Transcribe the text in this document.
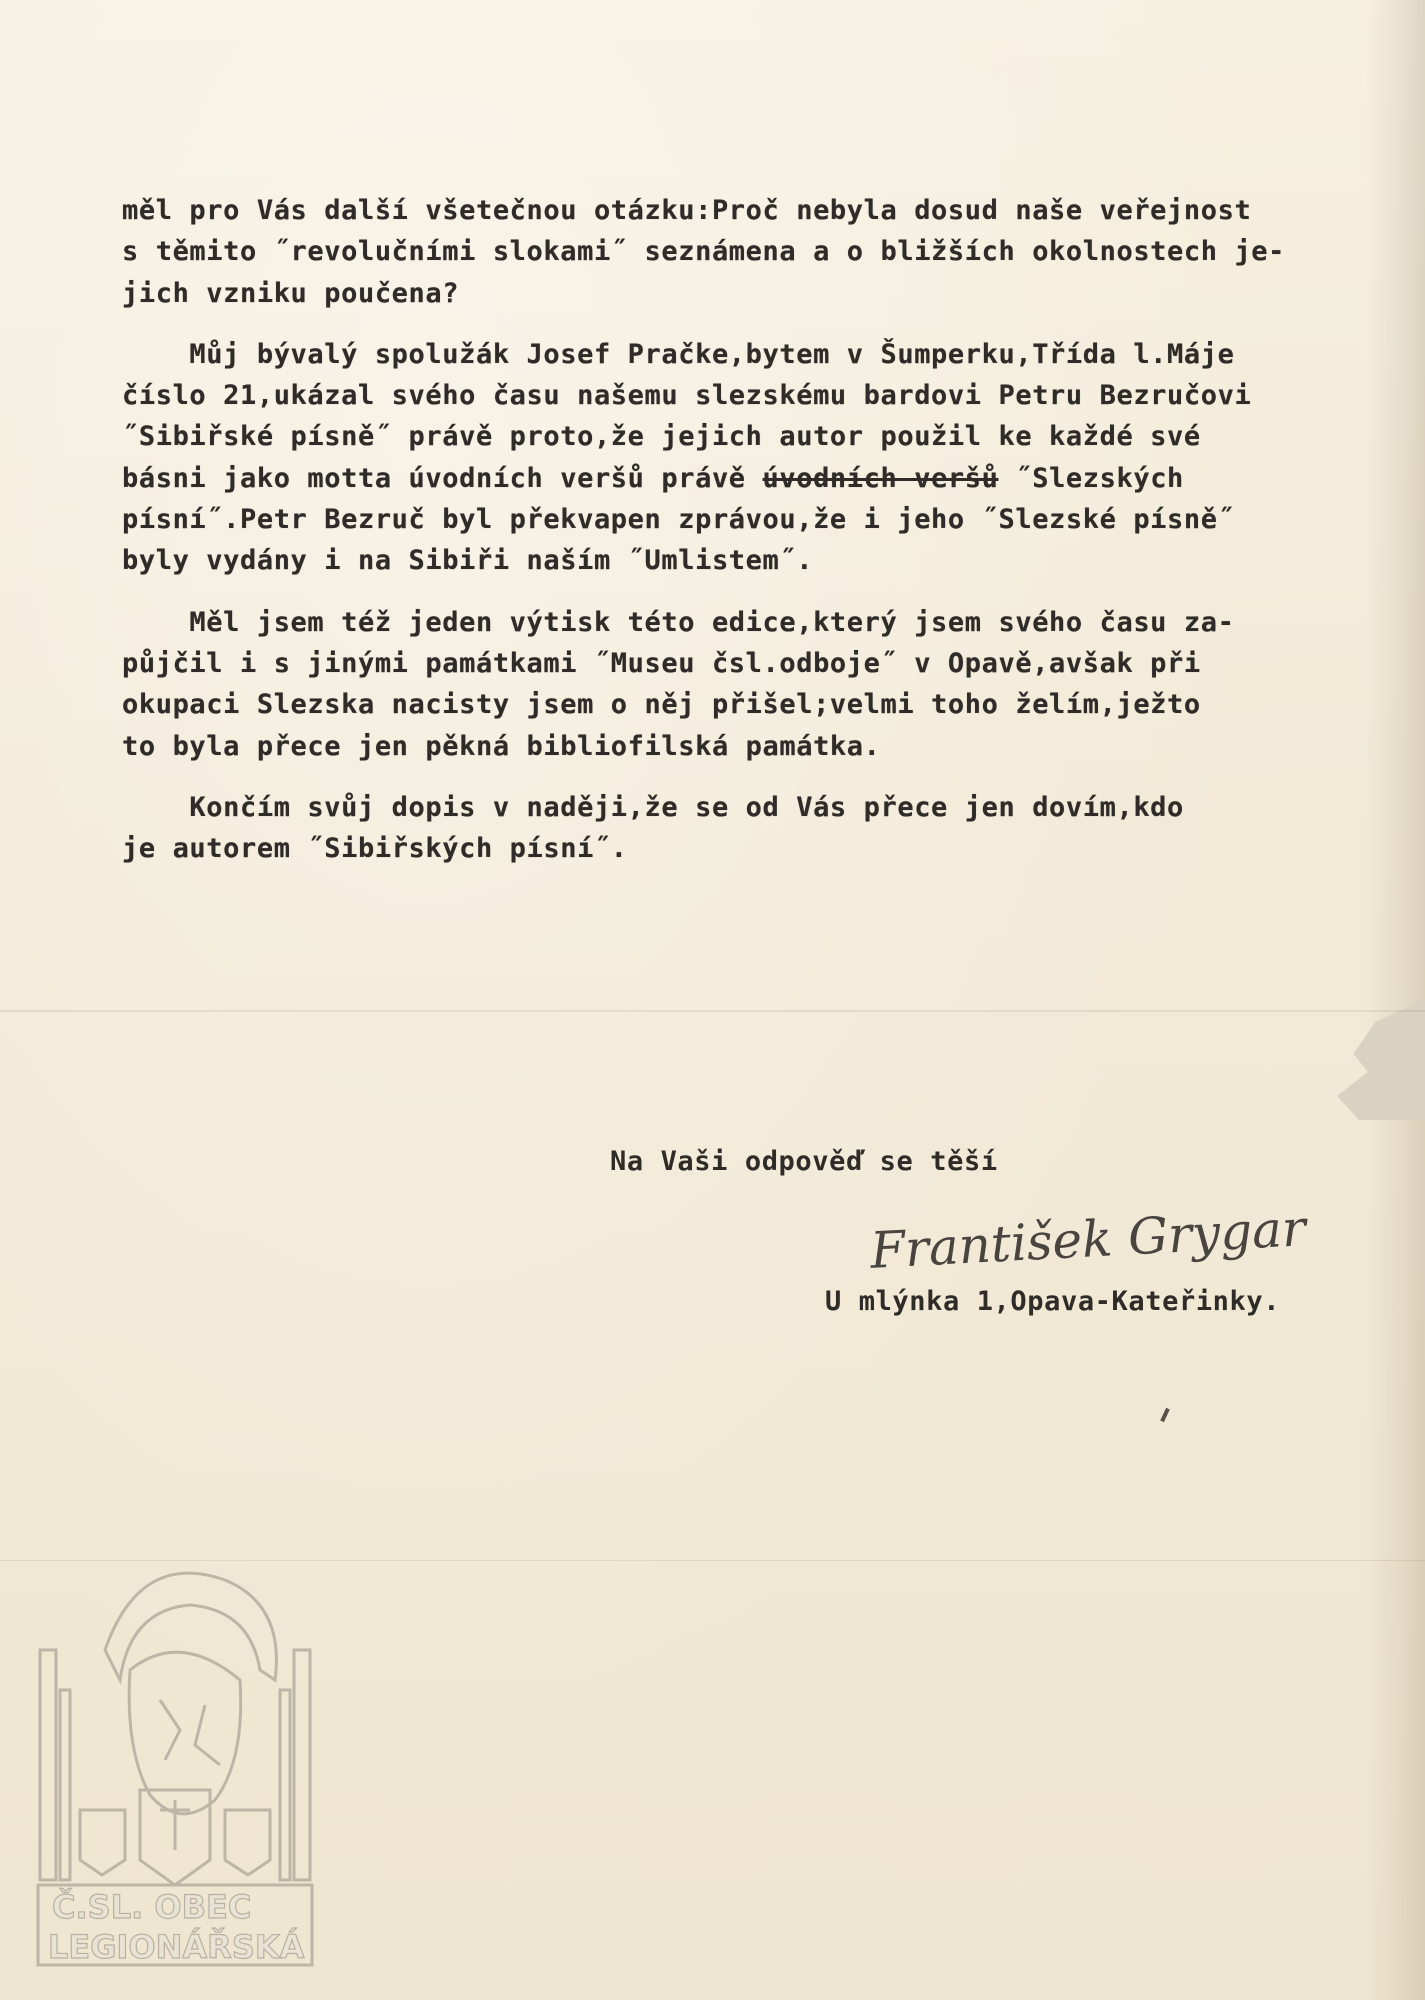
měl pro Vás další všetečnou otázku:Proč nebyla dosud naše veřejnost
s těmito ˝revolučními slokami˝ seznámena a o bližších okolnostech je-
jich vzniku poučena?
Můj bývalý spolužák Josef Pračke,bytem v Šumperku,Třída l.Máje
číslo 21,ukázal svého času našemu slezskému bardovi Petru Bezručovi
˝Sibiřské písně˝ právě proto,že jejich autor použil ke každé své
básni jako motta úvodních veršů právě úvodních veršů ˝Slezských
písní˝.Petr Bezruč byl překvapen zprávou,že i jeho ˝Slezské písně˝
byly vydány i na Sibiři naším ˝Umlistem˝.
Měl jsem též jeden výtisk této edice,který jsem svého času za-
půjčil i s jinými památkami ˝Museu čsl.odboje˝ v Opavě,avšak při
okupaci Slezska nacisty jsem o něj přišel;velmi toho želím,ježto
to byla přece jen pěkná bibliofilská památka.
Končím svůj dopis v naději,že se od Vás přece jen dovím,kdo
je autorem ˝Sibiřských písní˝.
Na Vaši odpověď se těší
František Grygar
U mlýnka 1,Opava-Kateřinky.
Č.SL. OBEC
LEGIONÁŘSKÁ
